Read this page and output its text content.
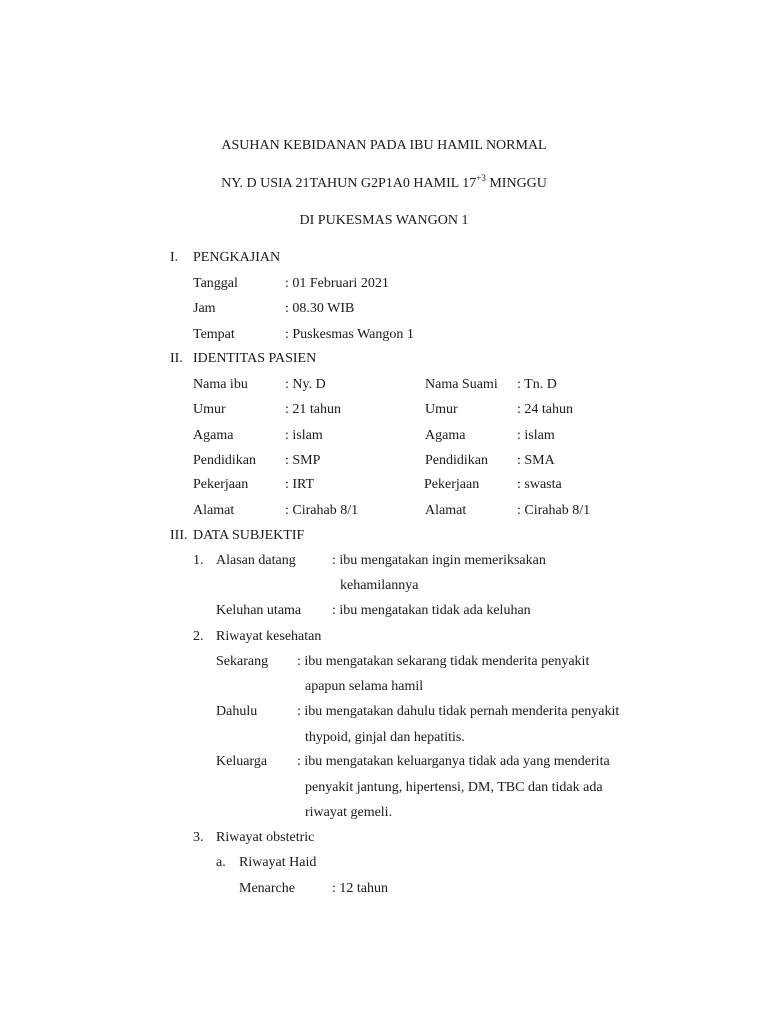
ASUHAN KEBIDANAN PADA IBU HAMIL NORMAL
NY. D USIA 21TAHUN G2P1A0 HAMIL $17^{+3}$ MINGGU
DI PUKESMAS WANGON 1
I. PENGKAJIAN
Tanggal	: 01 Februari 2021
Jam	: 08.30 WIB
Tempat	: Puskesmas Wangon 1
II. IDENTITAS PASIEN
Nama ibu	: Ny. D	Nama Suami : Tn. D
Umur	: 21 tahun	Umur	: 24 tahun
Agama	: islam	Agama	: islam
Pendidikan : SMP	Pendidikan : SMA
Pekerjaan	: IRT	Pekerjaan	: swasta
Alamat	: Cirahab 8/1	Alamat	: Cirahab 8/1
III. DATA SUBJEKTIF
1. Alasan datang	: ibu mengatakan ingin memeriksakan
kehamilannya
Keluhan utama : ibu mengatakan tidak ada keluhan
2. Riwayat kesehatan
Sekarang : ibu mengatakan sekarang tidak menderita penyakit
apapun selama hamil
Dahulu	: ibu mengatakan dahulu tidak pernah menderita penyakit
thypoid, ginjal dan hepatitis.
Keluarga : ibu mengatakan keluarganya tidak ada yang menderita
penyakit jantung, hipertensi, DM, TBC dan tidak ada
riwayat gemeli.
3. Riwayat obstetric
a. Riwayat Haid
Menarche	: 12 tahun
